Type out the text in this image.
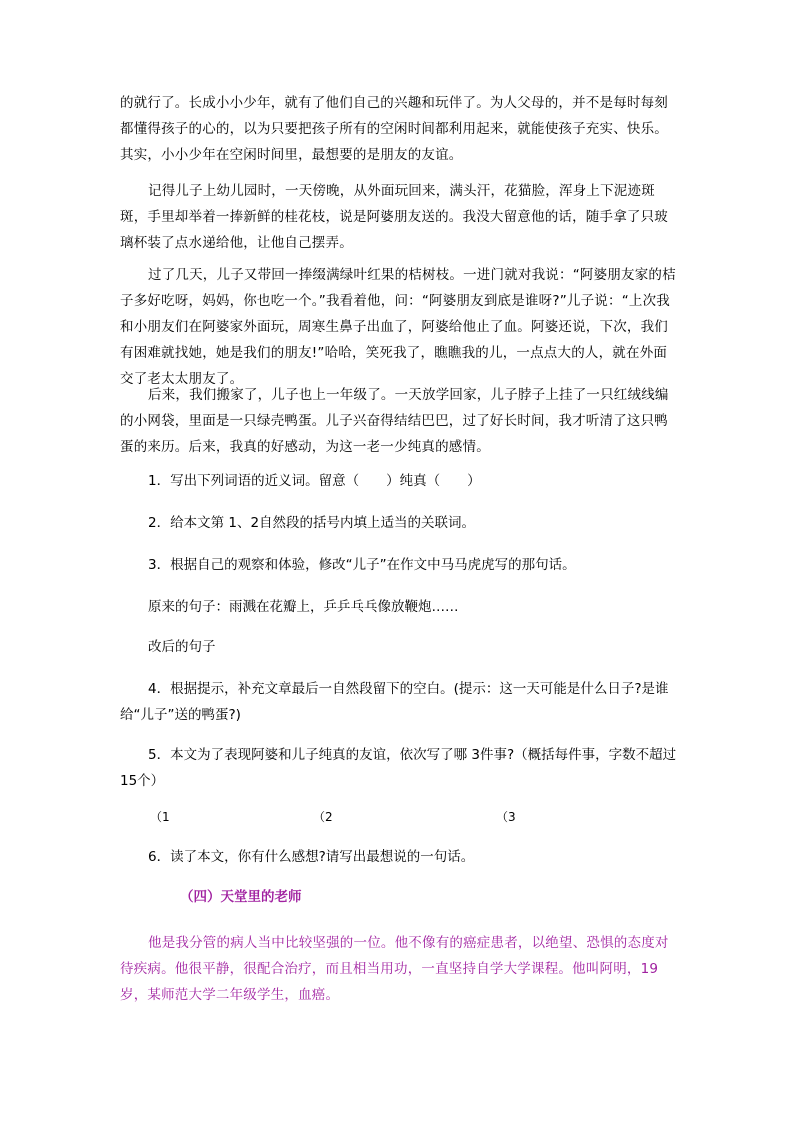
的就行了。长成小小少年，就有了他们自己的兴趣和玩伴了。为人父母的，并不是每时每刻都懂得孩子的心的，以为只要把孩子所有的空闲时间都利用起来，就能使孩子充实、快乐。其实，小小少年在空闲时间里，最想要的是朋友的友谊。

记得儿子上幼儿园时，一天傍晚，从外面玩回来，满头汗，花猫脸，浑身上下泥迹斑斑，手里却举着一捧新鲜的桂花枝，说是阿婆朋友送的。我没大留意他的话，随手拿了只玻璃杯装了点水递给他，让他自己摆弄。

过了几天，儿子又带回一捧缀满绿叶红果的桔树枝。一进门就对我说：“阿婆朋友家的桔子多好吃呀，妈妈，你也吃一个。”我看着他，问：“阿婆朋友到底是谁呀?”儿子说：“上次我和小朋友们在阿婆家外面玩，周寒生鼻子出血了，阿婆给他止了血。阿婆还说，下次，我们有困难就找她，她是我们的朋友!”哈哈，笑死我了，瞧瞧我的儿，一点点大的人，就在外面交了老太太朋友了。

后来，我们搬家了，儿子也上一年级了。一天放学回家，儿子脖子上挂了一只红绒线编的小网袋，里面是一只绿壳鸭蛋。儿子兴奋得结结巴巴，过了好长时间，我才听清了这只鸭蛋的来历。后来，我真的好感动，为这一老一少纯真的感情。

1．写出下列词语的近义词。留意（　　）纯真（　　）

2．给本文第 1、2自然段的括号内填上适当的关联词。

3．根据自己的观察和体验，修改“儿子”在作文中马马虎虎写的那句话。

原来的句子：雨溅在花瓣上，乒乒乓乓像放鞭炮……

改后的句子

4．根据提示，补充文章最后一自然段留下的空白。(提示：这一天可能是什么日子?是谁给“儿子”送的鸭蛋?)

5．本文为了表现阿婆和儿子纯真的友谊，依次写了哪 3件事?（概括每件事，字数不超过 15个）

（1	（2	（3

6．读了本文，你有什么感想?请写出最想说的一句话。

（四）天堂里的老师

他是我分管的病人当中比较坚强的一位。他不像有的癌症患者，以绝望、恐惧的态度对待疾病。他很平静，很配合治疗，而且相当用功，一直坚持自学大学课程。他叫阿明，19 岁，某师范大学二年级学生，血癌。
